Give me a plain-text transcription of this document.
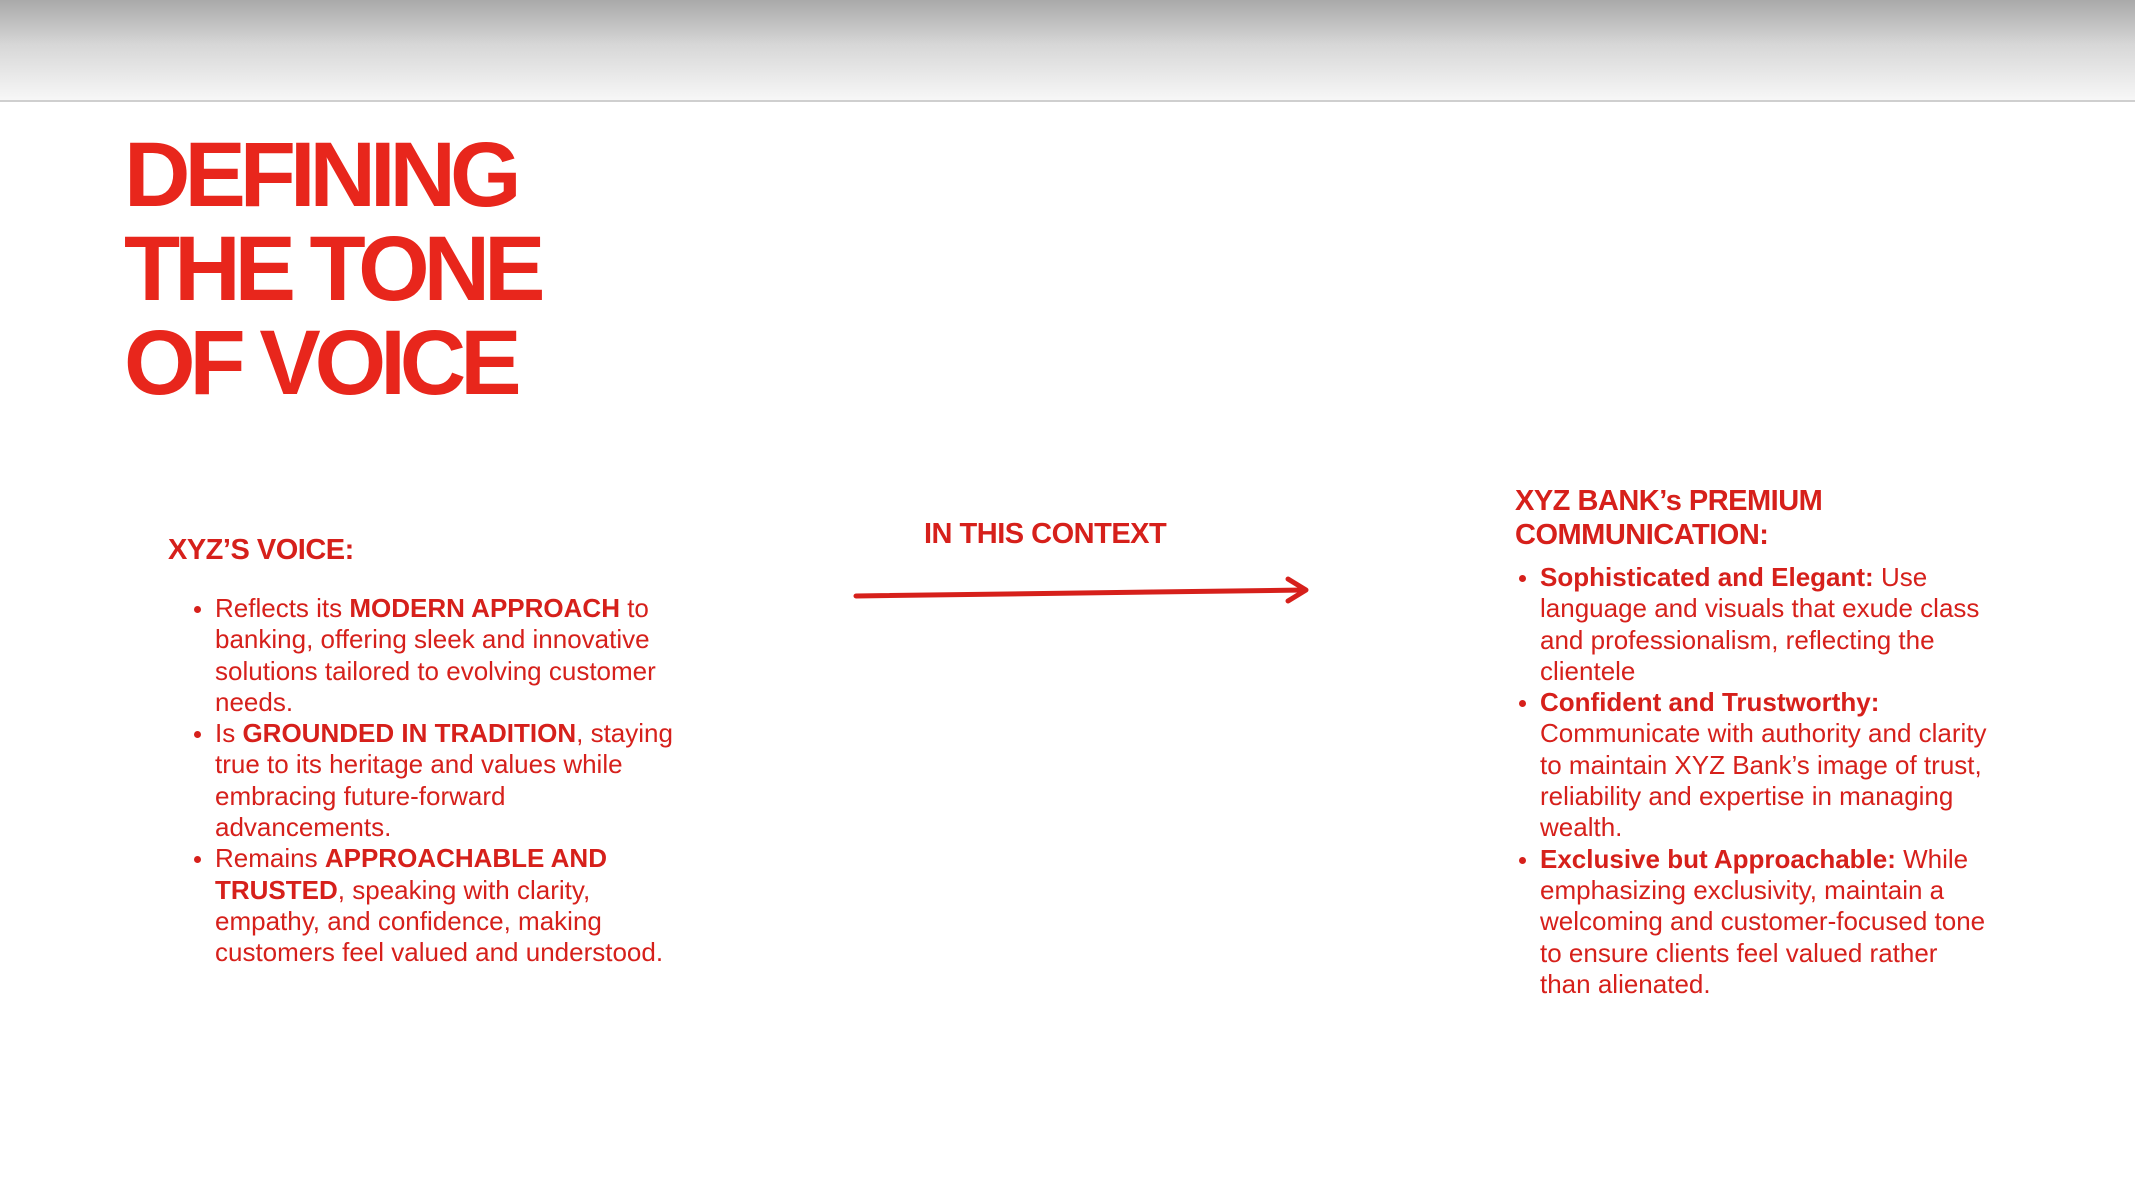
DEFINING
THE TONE
OF VOICE
XYZ’S VOICE:
• Reflects its MODERN APPROACH to banking, offering sleek and innovative solutions tailored to evolving customer needs.
• Is GROUNDED IN TRADITION, staying true to its heritage and values while embracing future-forward advancements.
• Remains APPROACHABLE AND TRUSTED, speaking with clarity, empathy, and confidence, making customers feel valued and understood.
IN THIS CONTEXT
XYZ BANK’s PREMIUM
COMMUNICATION:
• Sophisticated and Elegant: Use language and visuals that exude class and professionalism, reflecting the clientele
• Confident and Trustworthy: Communicate with authority and clarity to maintain XYZ Bank’s image of trust, reliability and expertise in managing wealth.
• Exclusive but Approachable: While emphasizing exclusivity, maintain a welcoming and customer-focused tone to ensure clients feel valued rather than alienated.
